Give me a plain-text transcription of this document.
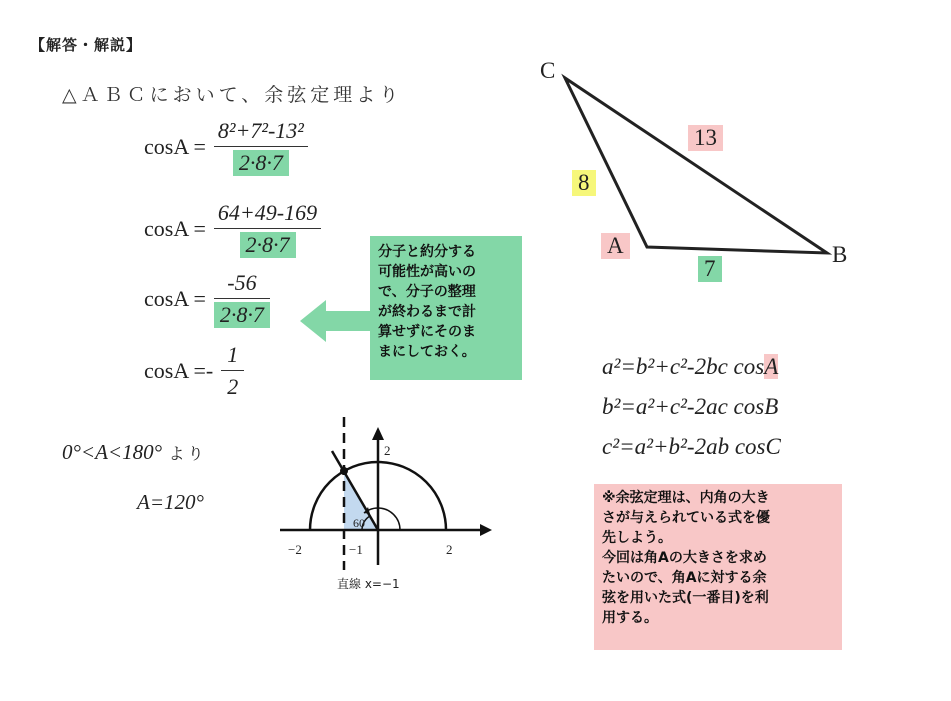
【解答・解説】
△ＡＢＣにおいて、余弦定理より
$\cos A = \frac{\text{8²+7²-13²}}{2\cdot 8\cdot 7}$
$\cos A = \frac{64+49-169}{2\cdot 8\cdot 7}$
$\cos A = \frac{-56}{2\cdot 8\cdot 7}$
$\cos A =- \frac{1}{2}$
分子と約分する
可能性が高いの
で、分子の整理
が終わるまで計
算せずにそのま
まにしておく。
0°<A<180° より
A=120°
C
A	B
13
8
7
a²=b²+c²-2bc cosA
b²=a²+c²-2ac cosB
c²=a²+b²-2ab cosC
※余弦定理は、内角の大き
さが与えられている式を優
先しよう。
今回は角Aの大きさを求め
たいので、角Aに対する余
弦を用いた式(一番目)を利
用する。
2
−2	−1	2
60
直線 x=−1
